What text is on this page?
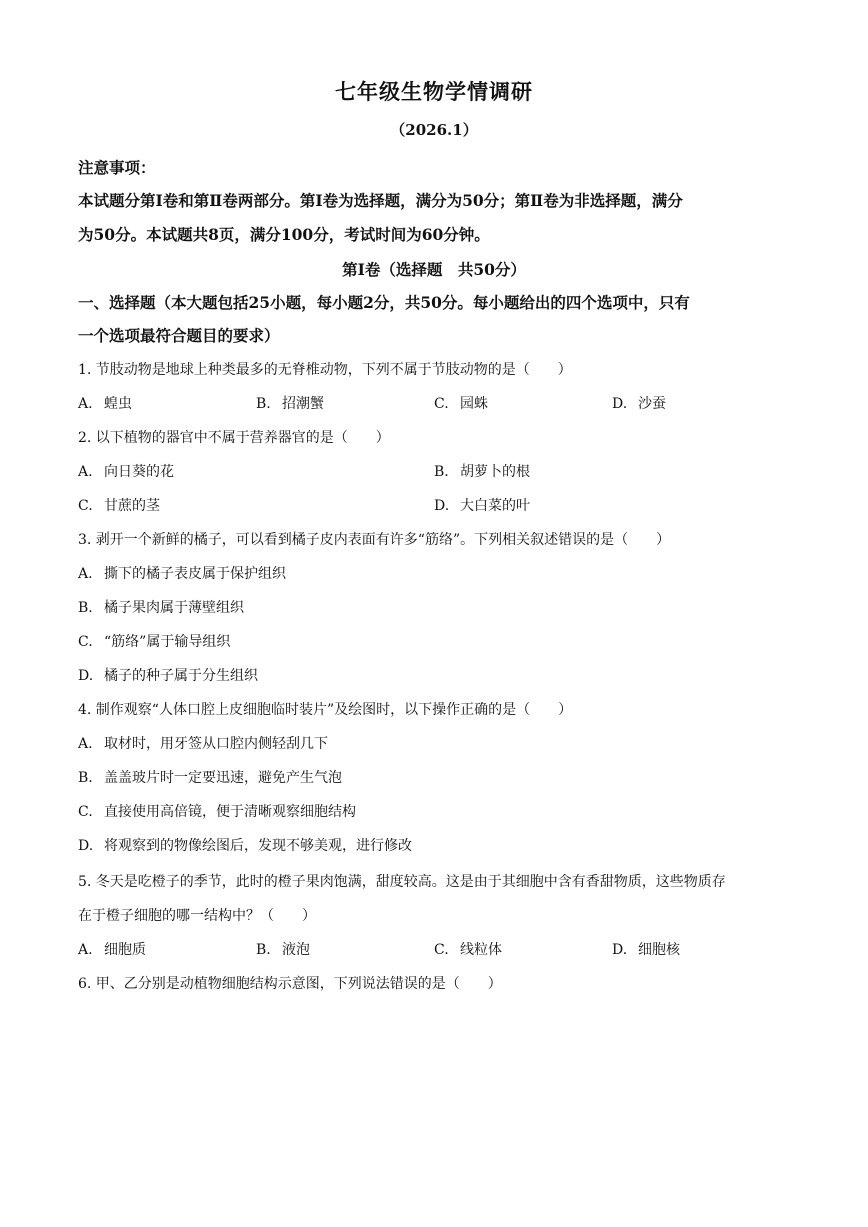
七年级生物学情调研
（2026.1）
注意事项：
本试题分第Ⅰ卷和第Ⅱ卷两部分。第Ⅰ卷为选择题，满分为50分；第Ⅱ卷为非选择题，满分
为50分。本试题共8页，满分100分，考试时间为60分钟。
第Ⅰ卷（选择题　共50分）
一、选择题（本大题包括25小题，每小题2分，共50分。每小题给出的四个选项中，只有
一个选项最符合题目的要求）
1. 节肢动物是地球上种类最多的无脊椎动物，下列不属于节肢动物的是（　　）
A. 蝗虫	B. 招潮蟹	C. 园蛛	D. 沙蚕
2. 以下植物的器官中不属于营养器官的是（　　）
A. 向日葵的花	B. 胡萝卜的根
C. 甘蔗的茎	D. 大白菜的叶
3. 剥开一个新鲜的橘子，可以看到橘子皮内表面有许多“筋络”。下列相关叙述错误的是（　　）
A. 撕下的橘子表皮属于保护组织
B. 橘子果肉属于薄壁组织
C. “筋络”属于输导组织
D. 橘子的种子属于分生组织
4. 制作观察“人体口腔上皮细胞临时装片”及绘图时，以下操作正确的是（　　）
A. 取材时，用牙签从口腔内侧轻刮几下
B. 盖盖玻片时一定要迅速，避免产生气泡
C. 直接使用高倍镜，便于清晰观察细胞结构
D. 将观察到的物像绘图后，发现不够美观，进行修改
5. 冬天是吃橙子的季节，此时的橙子果肉饱满，甜度较高。这是由于其细胞中含有香甜物质，这些物质存
在于橙子细胞的哪一结构中？（　　）
A. 细胞质	B. 液泡	C. 线粒体	D. 细胞核
6. 甲、乙分别是动植物细胞结构示意图，下列说法错误的是（　　）
